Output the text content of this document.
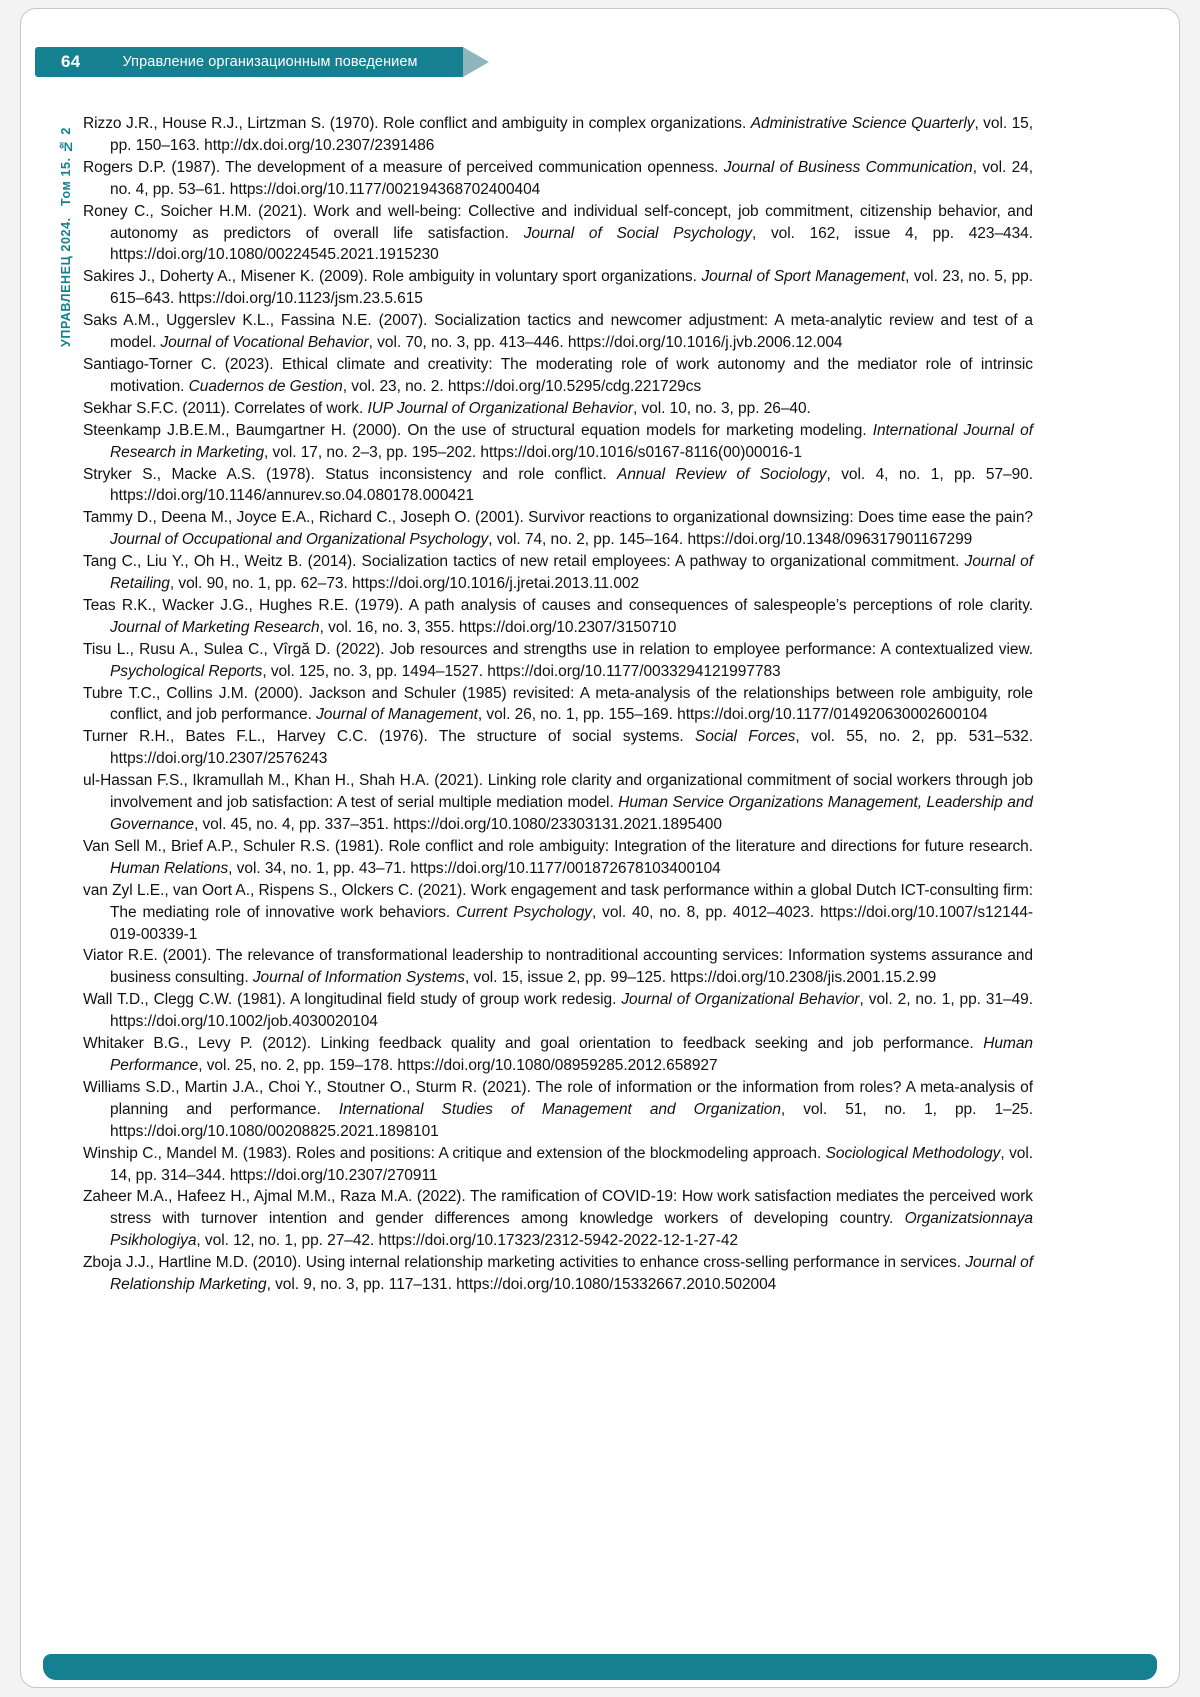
64	Управление организационным поведением
УПРАВЛЕНЕЦ 2024. Том 15. № 2

Rizzo J.R., House R.J., Lirtzman S. (1970). Role conflict and ambiguity in complex organizations. Administrative Science Quarterly, vol. 15, pp. 150–163. http://dx.doi.org/10.2307/2391486

Rogers D.P. (1987). The development of a measure of perceived communication openness. Journal of Business Communication, vol. 24, no. 4, pp. 53–61. https://doi.org/10.1177/002194368702400404

Roney C., Soicher H.M. (2021). Work and well-being: Collective and individual self-concept, job commitment, citizenship behavior, and autonomy as predictors of overall life satisfaction. Journal of Social Psychology, vol. 162, issue 4, pp. 423–434. https://doi.org/10.1080/00224545.2021.1915230

Sakires J., Doherty A., Misener K. (2009). Role ambiguity in voluntary sport organizations. Journal of Sport Management, vol. 23, no. 5, pp. 615–643. https://doi.org/10.1123/jsm.23.5.615

Saks A.M., Uggerslev K.L., Fassina N.E. (2007). Socialization tactics and newcomer adjustment: A meta-analytic review and test of a model. Journal of Vocational Behavior, vol. 70, no. 3, pp. 413–446. https://doi.org/10.1016/j.jvb.2006.12.004

Santiago-Torner C. (2023). Ethical climate and creativity: The moderating role of work autonomy and the mediator role of intrinsic motivation. Cuadernos de Gestion, vol. 23, no. 2. https://doi.org/10.5295/cdg.221729cs

Sekhar S.F.C. (2011). Correlates of work. IUP Journal of Organizational Behavior, vol. 10, no. 3, pp. 26–40.

Steenkamp J.B.E.M., Baumgartner H. (2000). On the use of structural equation models for marketing modeling. International Journal of Research in Marketing, vol. 17, no. 2–3, pp. 195–202. https://doi.org/10.1016/s0167-8116(00)00016-1

Stryker S., Macke A.S. (1978). Status inconsistency and role conflict. Annual Review of Sociology, vol. 4, no. 1, pp. 57–90. https://doi.org/10.1146/annurev.so.04.080178.000421

Tammy D., Deena M., Joyce E.A., Richard C., Joseph O. (2001). Survivor reactions to organizational downsizing: Does time ease the pain? Journal of Occupational and Organizational Psychology, vol. 74, no. 2, pp. 145–164. https://doi.org/10.1348/096317901167299

Tang C., Liu Y., Oh H., Weitz B. (2014). Socialization tactics of new retail employees: A pathway to organizational commitment. Journal of Retailing, vol. 90, no. 1, pp. 62–73. https://doi.org/10.1016/j.jretai.2013.11.002

Teas R.K., Wacker J.G., Hughes R.E. (1979). A path analysis of causes and consequences of salespeople’s perceptions of role clarity. Journal of Marketing Research, vol. 16, no. 3, 355. https://doi.org/10.2307/3150710

Tisu L., Rusu A., Sulea C., Vîrgă D. (2022). Job resources and strengths use in relation to employee performance: A contextualized view. Psychological Reports, vol. 125, no. 3, pp. 1494–1527. https://doi.org/10.1177/0033294121997783

Tubre T.C., Collins J.M. (2000). Jackson and Schuler (1985) revisited: A meta-analysis of the relationships between role ambiguity, role conflict, and job performance. Journal of Management, vol. 26, no. 1, pp. 155–169. https://doi.org/10.1177/014920630002600104

Turner R.H., Bates F.L., Harvey C.C. (1976). The structure of social systems. Social Forces, vol. 55, no. 2, pp. 531–532. https://doi.org/10.2307/2576243

ul-Hassan F.S., Ikramullah M., Khan H., Shah H.A. (2021). Linking role clarity and organizational commitment of social workers through job involvement and job satisfaction: A test of serial multiple mediation model. Human Service Organizations Management, Leadership and Governance, vol. 45, no. 4, pp. 337–351. https://doi.org/10.1080/23303131.2021.1895400

Van Sell M., Brief A.P., Schuler R.S. (1981). Role conflict and role ambiguity: Integration of the literature and directions for future research. Human Relations, vol. 34, no. 1, pp. 43–71. https://doi.org/10.1177/001872678103400104

van Zyl L.E., van Oort A., Rispens S., Olckers C. (2021). Work engagement and task performance within a global Dutch ICT-consulting firm: The mediating role of innovative work behaviors. Current Psychology, vol. 40, no. 8, pp. 4012–4023. https://doi.org/10.1007/s12144-019-00339-1

Viator R.E. (2001). The relevance of transformational leadership to nontraditional accounting services: Information systems assurance and business consulting. Journal of Information Systems, vol. 15, issue 2, pp. 99–125. https://doi.org/10.2308/jis.2001.15.2.99

Wall T.D., Clegg C.W. (1981). A longitudinal field study of group work redesig. Journal of Organizational Behavior, vol. 2, no. 1, pp. 31–49. https://doi.org/10.1002/job.4030020104

Whitaker B.G., Levy P. (2012). Linking feedback quality and goal orientation to feedback seeking and job performance. Human Performance, vol. 25, no. 2, pp. 159–178. https://doi.org/10.1080/08959285.2012.658927

Williams S.D., Martin J.A., Choi Y., Stoutner O., Sturm R. (2021). The role of information or the information from roles? A meta-analysis of planning and performance. International Studies of Management and Organization, vol. 51, no. 1, pp. 1–25. https://doi.org/10.1080/00208825.2021.1898101

Winship C., Mandel M. (1983). Roles and positions: A critique and extension of the blockmodeling approach. Sociological Methodology, vol. 14, pp. 314–344. https://doi.org/10.2307/270911

Zaheer M.A., Hafeez H., Ajmal M.M., Raza M.A. (2022). The ramification of COVID-19: How work satisfaction mediates the perceived work stress with turnover intention and gender differences among knowledge workers of developing country. Organizatsionnaya Psikhologiya, vol. 12, no. 1, pp. 27–42. https://doi.org/10.17323/2312-5942-2022-12-1-27-42

Zboja J.J., Hartline M.D. (2010). Using internal relationship marketing activities to enhance cross-selling performance in services. Journal of Relationship Marketing, vol. 9, no. 3, pp. 117–131. https://doi.org/10.1080/15332667.2010.502004
